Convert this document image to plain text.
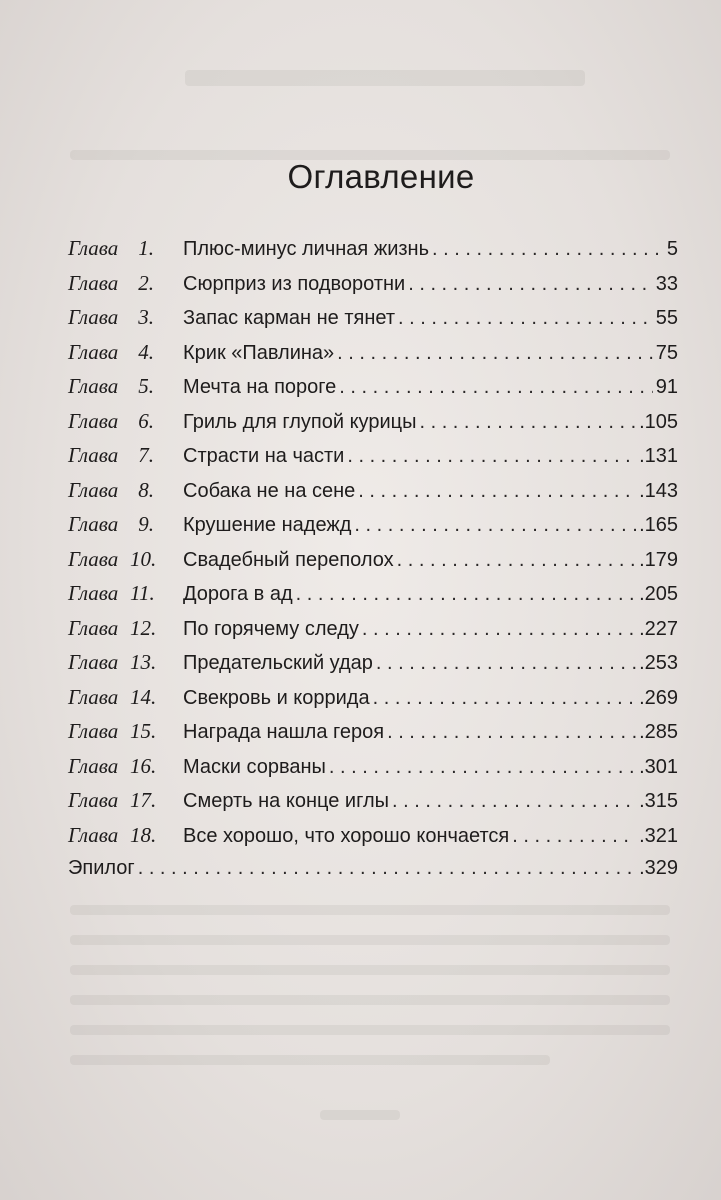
Оглавление
Глава 1.	Плюс-минус личная жизнь . . .	5
Глава 2.	Сюрприз из подворотни . . .	33
Глава 3.	Запас карман не тянет . . .	55
Глава 4.	Крик «Павлина» . . .	75
Глава 5.	Мечта на пороге . . .	91
Глава 6.	Гриль для глупой курицы . . .	.105
Глава 7.	Страсти на части . . .	.131
Глава 8.	Собака не на сене . . .	.143
Глава 9.	Крушение надежд . . .	.165
Глава 10.	Свадебный переполох . . .	.179
Глава 11.	Дорога в ад . . .	.205
Глава 12.	По горячему следу . . .	.227
Глава 13.	Предательский удар . . .	.253
Глава 14.	Свекровь и коррида . . .	.269
Глава 15.	Награда нашла героя . . .	.285
Глава 16.	Маски сорваны . . .	.301
Глава 17.	Смерть на конце иглы . . .	.315
Глава 18.	Все хорошо, что хорошо кончается . . .	.321
Эпилог . . .	.329
